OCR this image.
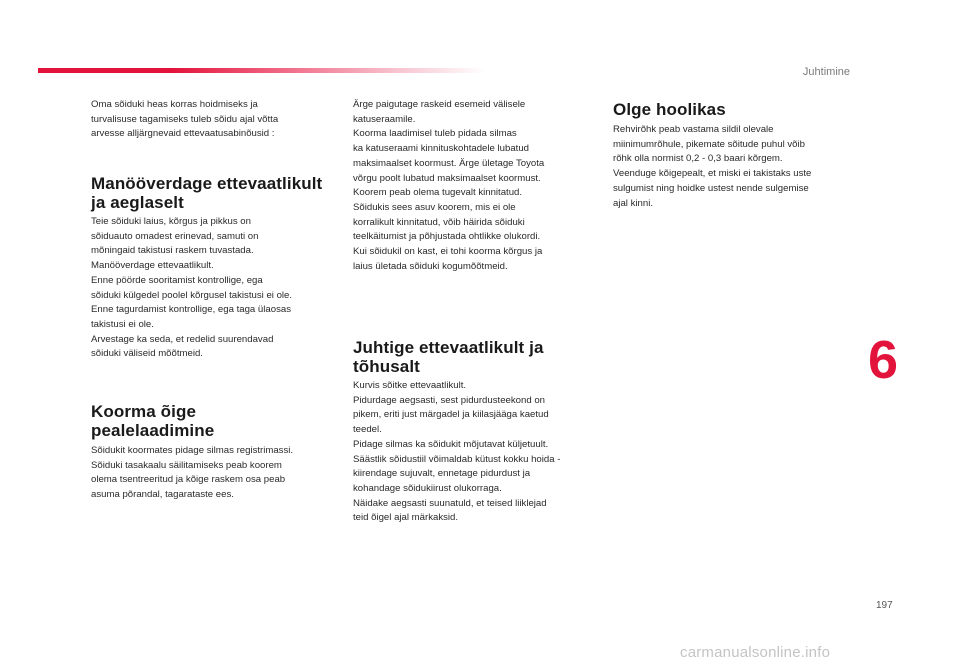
Juhtimine

Oma sõiduki heas korras hoidmiseks ja
turvalisuse tagamiseks tuleb sõidu ajal võtta
arvesse alljärgnevaid ettevaatusabinõusid :

Manööverdage ettevaatlikult
ja aeglaselt

Teie sõiduki laius, kõrgus ja pikkus on
sõiduauto omadest erinevad, samuti on
mõningaid takistusi raskem tuvastada.
Manööverdage ettevaatlikult.
Enne pöörde sooritamist kontrollige, ega
sõiduki külgedel poolel kõrgusel takistusi ei ole.
Enne tagurdamist kontrollige, ega taga ülaosas
takistusi ei ole.
Arvestage ka seda, et redelid suurendavad
sõiduki väliseid mõõtmeid.

Koorma õige
pealelaadimine

Sõidukit koormates pidage silmas registrimassi.
Sõiduki tasakaalu säilitamiseks peab koorem
olema tsentreeritud ja kõige raskem osa peab
asuma põrandal, tagarataste ees.

Ärge paigutage raskeid esemeid välisele
katuseraamile.
Koorma laadimisel tuleb pidada silmas
ka katuseraami kinnituskohtadele lubatud
maksimaalset koormust. Ärge ületage Toyota
võrgu poolt lubatud maksimaalset koormust.
Koorem peab olema tugevalt kinnitatud.
Sõidukis sees asuv koorem, mis ei ole
korralikult kinnitatud, võib häirida sõiduki
teelkäitumist ja põhjustada ohtlikke olukordi.
Kui sõidukil on kast, ei tohi koorma kõrgus ja
laius ületada sõiduki kogumõõtmeid.

Juhtige ettevaatlikult ja
tõhusalt

Kurvis sõitke ettevaatlikult.
Pidurdage aegsasti, sest pidurdusteekond on
pikem, eriti just märgadel ja kiilasjääga kaetud
teedel.
Pidage silmas ka sõidukit mõjutavat küljetuult.
Säästlik sõidustiil võimaldab kütust kokku hoida -
kiirendage sujuvalt, ennetage pidurdust ja
kohandage sõidukiirust olukorraga.
Näidake aegsasti suunatuld, et teised liiklejad
teid õigel ajal märkaksid.

Olge hoolikas

Rehvirõhk peab vastama sildil olevale
miinimumrõhule, pikemate sõitude puhul võib
rõhk olla normist 0,2 - 0,3 baari kõrgem.
Veenduge kõigepealt, et miski ei takistaks uste
sulgumist ning hoidke ustest nende sulgemise
ajal kinni.

6
197
carmanualsonline.info
